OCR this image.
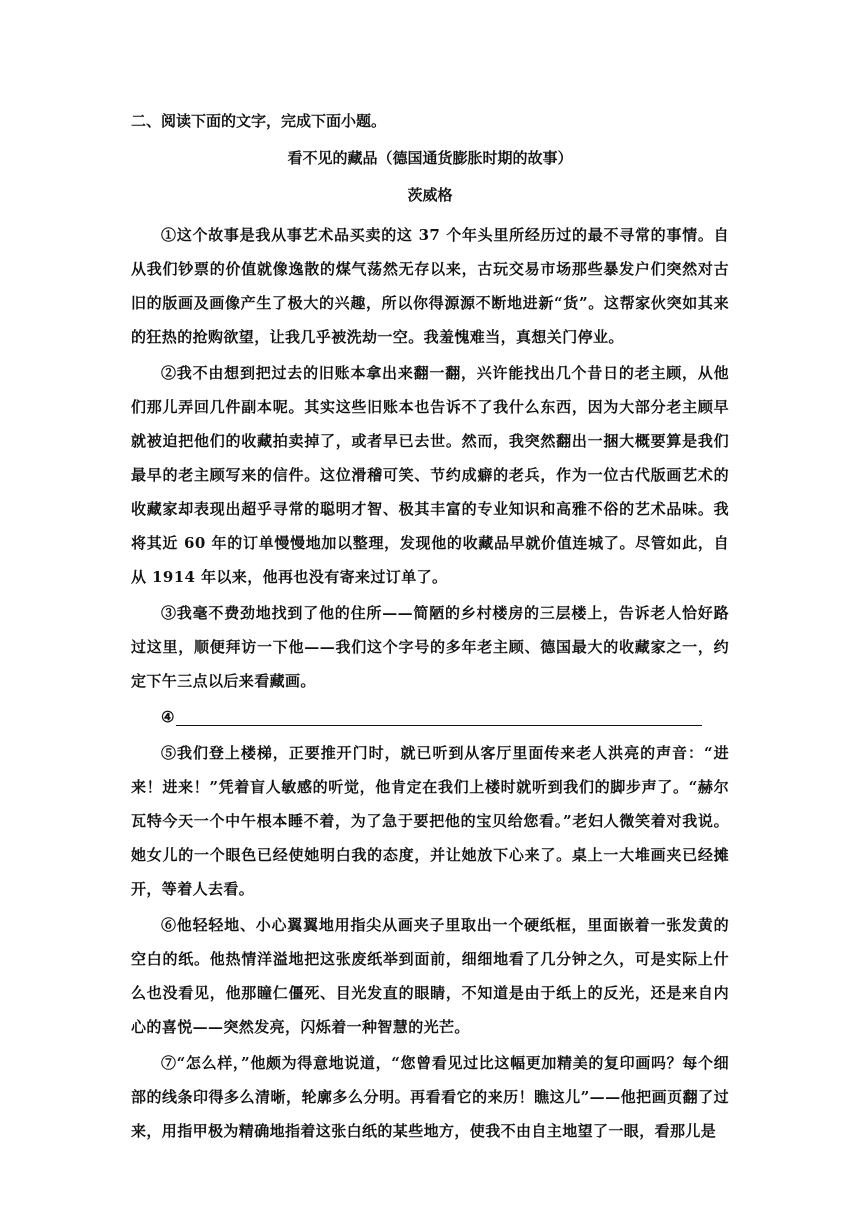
二、阅读下面的文字，完成下面小题。
看不见的藏品（德国通货膨胀时期的故事）
茨威格

①这个故事是我从事艺术品买卖的这 37 个年头里所经历过的最不寻常的事情。自从我们钞票的价值就像逸散的煤气荡然无存以来，古玩交易市场那些暴发户们突然对古旧的版画及画像产生了极大的兴趣，所以你得源源不断地进新“货”。这帮家伙突如其来的狂热的抢购欲望，让我几乎被洗劫一空。我羞愧难当，真想关门停业。

②我不由想到把过去的旧账本拿出来翻一翻，兴许能找出几个昔日的老主顾，从他们那儿弄回几件副本呢。其实这些旧账本也告诉不了我什么东西，因为大部分老主顾早就被迫把他们的收藏拍卖掉了，或者早已去世。然而，我突然翻出一捆大概要算是我们最早的老主顾写来的信件。这位滑稽可笑、节约成癖的老兵，作为一位古代版画艺术的收藏家却表现出超乎寻常的聪明才智、极其丰富的专业知识和高雅不俗的艺术品味。我将其近 60 年的订单慢慢地加以整理，发现他的收藏品早就价值连城了。尽管如此，自从 1914 年以来，他再也没有寄来过订单了。

③我毫不费劲地找到了他的住所——简陋的乡村楼房的三层楼上，告诉老人恰好路过这里，顺便拜访一下他——我们这个字号的多年老主顾、德国最大的收藏家之一，约定下午三点以后来看藏画。

④

⑤我们登上楼梯，正要推开门时，就已听到从客厅里面传来老人洪亮的声音：“进来！进来！”凭着盲人敏感的听觉，他肯定在我们上楼时就听到我们的脚步声了。“赫尔瓦特今天一个中午根本睡不着，为了急于要把他的宝贝给您看。”老妇人微笑着对我说。她女儿的一个眼色已经使她明白我的态度，并让她放下心来了。桌上一大堆画夹已经摊开，等着人去看。

⑥他轻轻地、小心翼翼地用指尖从画夹子里取出一个硬纸框，里面嵌着一张发黄的空白的纸。他热情洋溢地把这张废纸举到面前，细细地看了几分钟之久，可是实际上什么也没看见，他那瞳仁僵死、目光发直的眼睛，不知道是由于纸上的反光，还是来自内心的喜悦——突然发亮，闪烁着一种智慧的光芒。

⑦“怎么样，”他颇为得意地说道，“您曾看见过比这幅更加精美的复印画吗？每个细部的线条印得多么清晰，轮廓多么分明。再看看它的来历！瞧这儿”——他把画页翻了过来，用指甲极为精确地指着这张白纸的某些地方，使我不由自主地望了一眼，看那儿是
